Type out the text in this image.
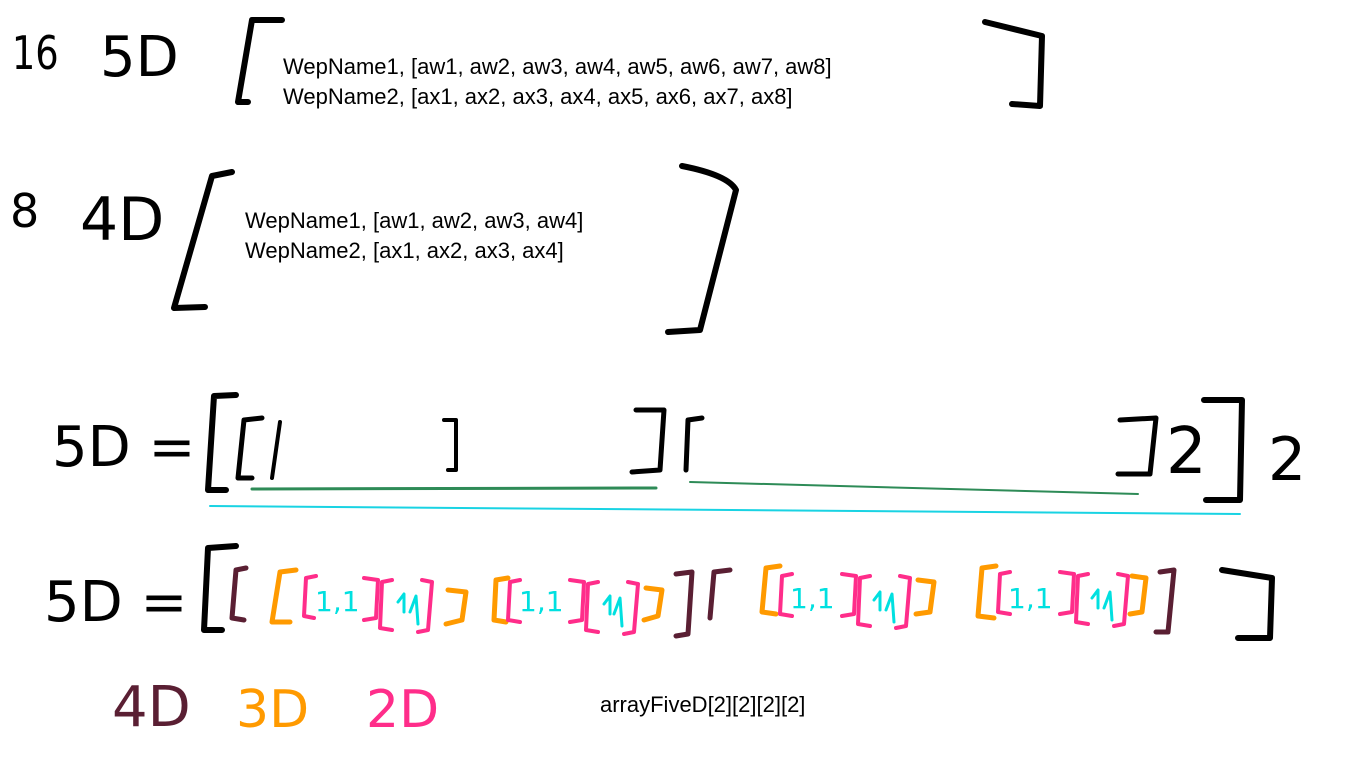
16 5D	WepName1, [aw1, aw2, aw3, aw4, aw5, aw6, aw7, aw8]
WepName2, [ax1, ax2, ax3, ax4, ax5, ax6, ax7, ax8]
8 4D	WepName1, [aw1, aw2, aw3, aw4]
WepName2, [ax1, ax2, ax3, ax4]
5D =	2 2
5D =	1,1	1,1	1,1	1,1
4D 3D 2D	arrayFiveD[2][2][2][2]
